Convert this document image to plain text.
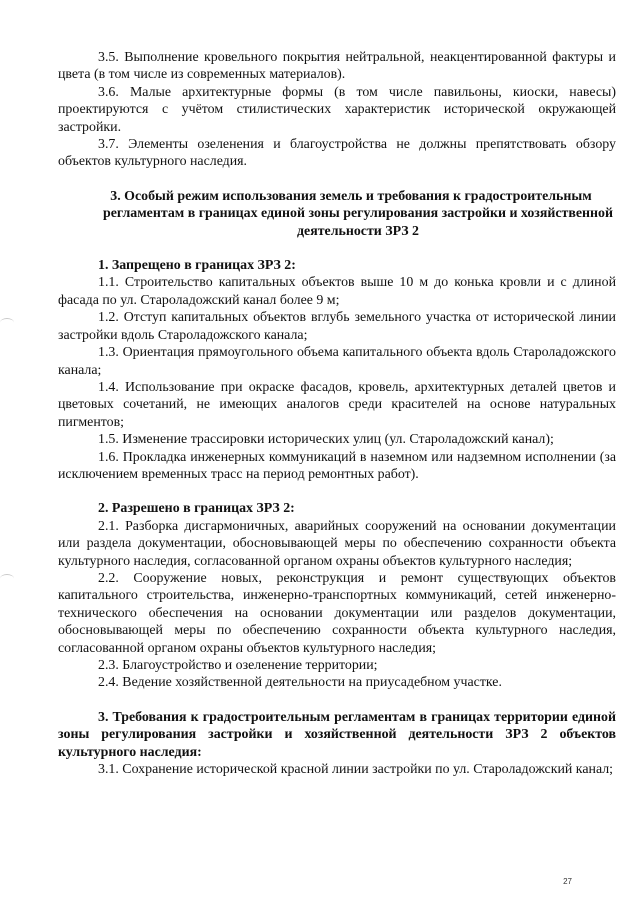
3.5. Выполнение кровельного покрытия нейтральной, неакцентированной фактуры и цвета (в том числе из современных материалов).

3.6. Малые архитектурные формы (в том числе павильоны, киоски, навесы) проектируются с учётом стилистических характеристик исторической окружающей застройки.

3.7. Элементы озеленения и благоустройства не должны препятствовать обзору объектов культурного наследия.

3. Особый режим использования земель и требования к градостроительным регламентам в границах единой зоны регулирования застройки и хозяйственной деятельности ЗРЗ 2

1. Запрещено в границах ЗРЗ 2:

1.1. Строительство капитальных объектов выше 10 м до конька кровли и с длиной фасада по ул. Староладожский канал более 9 м;

1.2. Отступ капитальных объектов вглубь земельного участка от исторической линии застройки вдоль Староладожского канала;

1.3. Ориентация прямоугольного объема капитального объекта вдоль Староладожского канала;

1.4. Использование при окраске фасадов, кровель, архитектурных деталей цветов и цветовых сочетаний, не имеющих аналогов среди красителей на основе натуральных пигментов;

1.5. Изменение трассировки исторических улиц (ул. Староладожский канал);

1.6. Прокладка инженерных коммуникаций в наземном или надземном исполнении (за исключением временных трасс на период ремонтных работ).

2. Разрешено в границах ЗРЗ 2:

2.1. Разборка дисгармоничных, аварийных сооружений на основании документации или раздела документации, обосновывающей меры по обеспечению сохранности объекта культурного наследия, согласованной органом охраны объектов культурного наследия;

2.2. Сооружение новых, реконструкция и ремонт существующих объектов капитального строительства, инженерно-транспортных коммуникаций, сетей инженерно-технического обеспечения на основании документации или разделов документации, обосновывающей меры по обеспечению сохранности объекта культурного наследия, согласованной органом охраны объектов культурного наследия;

2.3. Благоустройство и озеленение территории;

2.4. Ведение хозяйственной деятельности на приусадебном участке.

3. Требования к градостроительным регламентам в границах территории единой зоны регулирования застройки и хозяйственной деятельности ЗРЗ 2 объектов культурного наследия:

3.1. Сохранение исторической красной линии застройки по ул. Староладожский канал;

27
